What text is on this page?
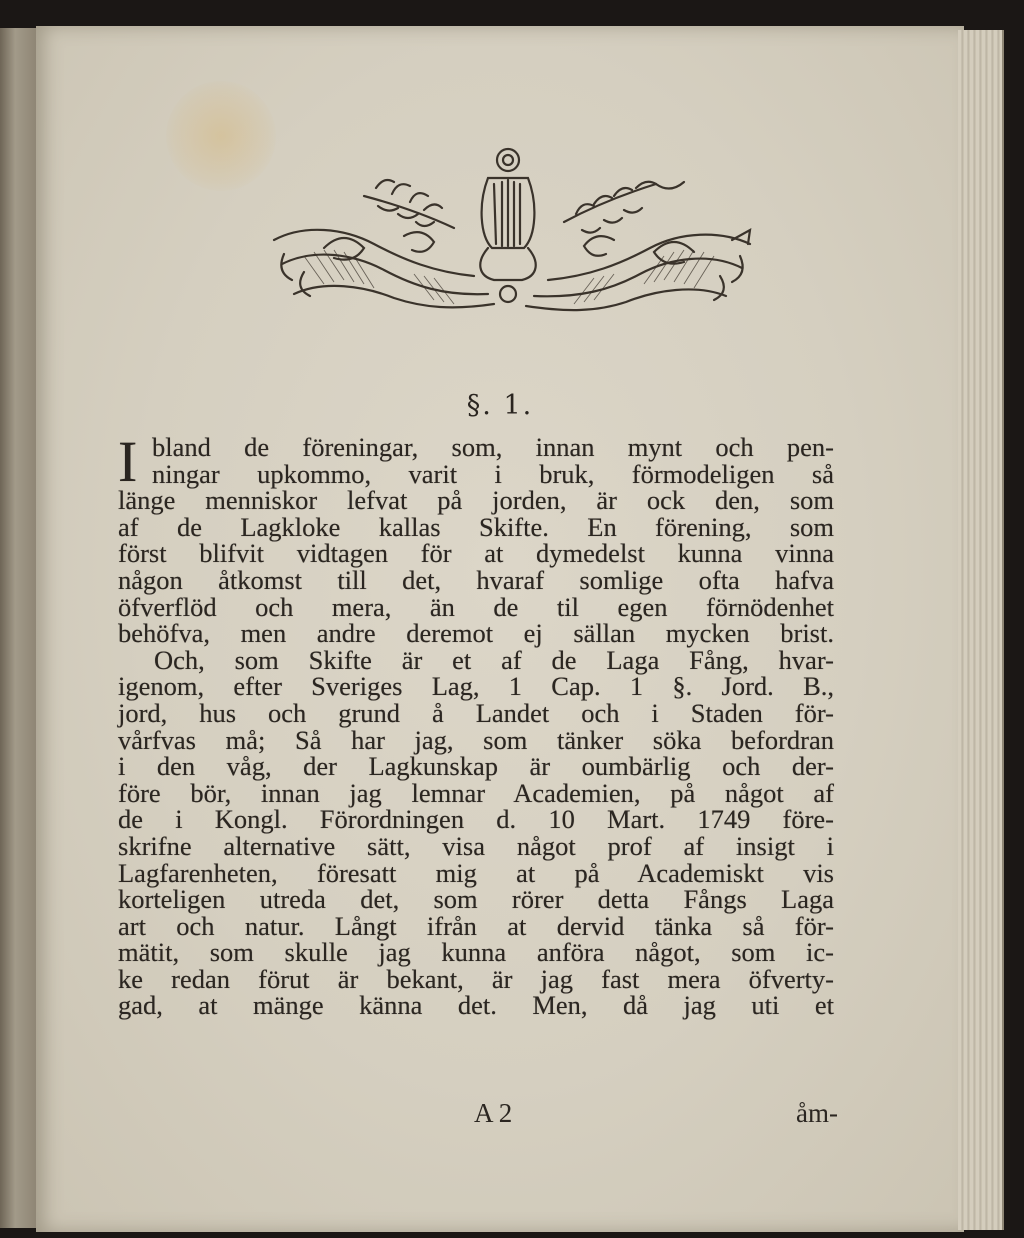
§. 1.
I bland de föreningar, som, innan mynt och pen-
ningar upkommo, varit i bruk, förmodeligen så
länge menniskor lefvat på jorden, är ock den, som
af de Lagkloke kallas Skifte. En förening, som
först blifvit vidtagen för at dymedelst kunna vinna
någon åtkomst till det, hvaraf somlige ofta hafva
öfverflöd och mera, än de til egen förnödenhet
behöfva, men andre deremot ej sällan mycken brist.
Och, som Skifte är et af de Laga Fång, hvar-
igenom, efter Sveriges Lag, 1 Cap. 1 §. Jord. B.,
jord, hus och grund å Landet och i Staden för-
vårfvas må; Så har jag, som tänker söka befordran
i den våg, der Lagkunskap är oumbärlig och der-
före bör, innan jag lemnar Academien, på något af
de i Kongl. Förordningen d. 10 Mart. 1749 före-
skrifne alternative sätt, visa något prof af insigt i
Lagfarenheten, föresatt mig at på Academiskt vis
korteligen utreda det, som rörer detta Fångs Laga
art och natur. Långt ifrån at dervid tänka så för-
mätit, som skulle jag kunna anföra något, som ic-
ke redan förut är bekant, är jag fast mera öfverty-
gad, at mänge känna det. Men, då jag uti et
A 2	åm-
